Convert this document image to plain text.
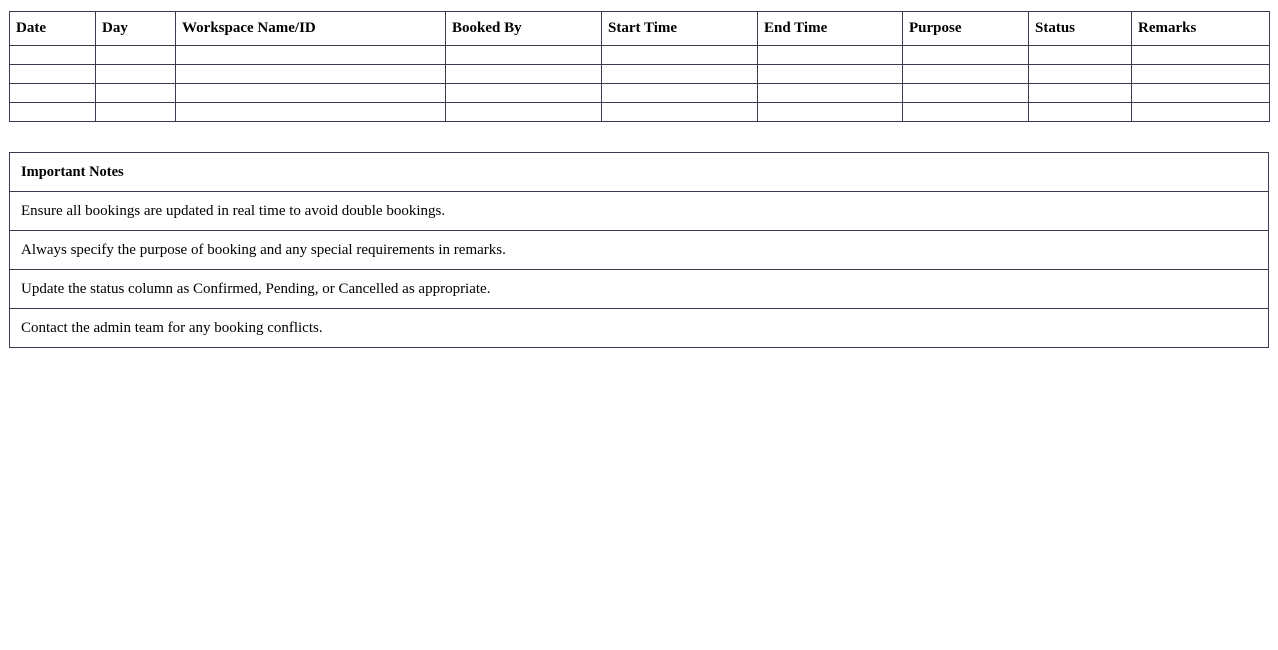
Date	Day	Workspace Name/ID	Booked By	Start Time	End Time	Purpose	Status	Remarks

Important Notes
Ensure all bookings are updated in real time to avoid double bookings.
Always specify the purpose of booking and any special requirements in remarks.
Update the status column as Confirmed, Pending, or Cancelled as appropriate.
Contact the admin team for any booking conflicts.
